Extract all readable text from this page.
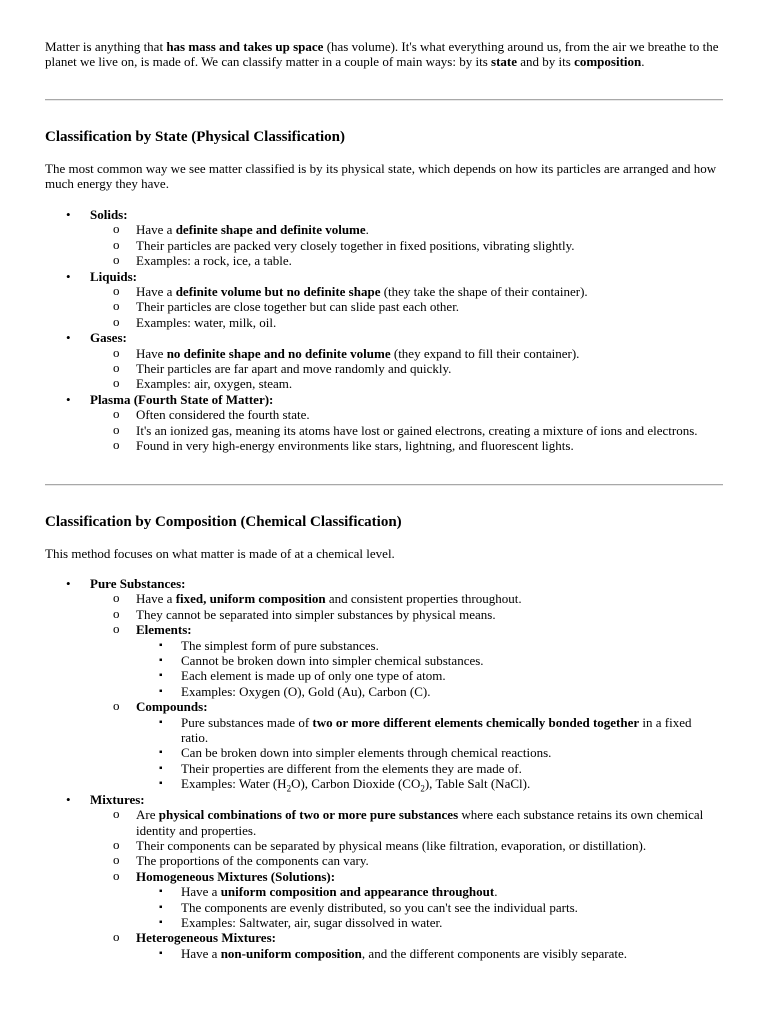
Matter is anything that has mass and takes up space (has volume). It's what everything around us, from the air we breathe to the planet we live on, is made of. We can classify matter in a couple of main ways: by its state and by its composition.

Classification by State (Physical Classification)

The most common way we see matter classified is by its physical state, which depends on how its particles are arranged and how much energy they have.

• Solids:
o Have a definite shape and definite volume.
o Their particles are packed very closely together in fixed positions, vibrating slightly.
o Examples: a rock, ice, a table.
• Liquids:
o Have a definite volume but no definite shape (they take the shape of their container).
o Their particles are close together but can slide past each other.
o Examples: water, milk, oil.
• Gases:
o Have no definite shape and no definite volume (they expand to fill their container).
o Their particles are far apart and move randomly and quickly.
o Examples: air, oxygen, steam.
• Plasma (Fourth State of Matter):
o Often considered the fourth state.
o It's an ionized gas, meaning its atoms have lost or gained electrons, creating a mixture of ions and electrons.
o Found in very high-energy environments like stars, lightning, and fluorescent lights.
Classification by Composition (Chemical Classification)

This method focuses on what matter is made of at a chemical level.

• Pure Substances:
o Have a fixed, uniform composition and consistent properties throughout.
o They cannot be separated into simpler substances by physical means.
o Elements:
▪ The simplest form of pure substances.
▪ Cannot be broken down into simpler chemical substances.
▪ Each element is made up of only one type of atom.
▪ Examples: Oxygen (O), Gold (Au), Carbon (C).
o Compounds:
▪ Pure substances made of two or more different elements chemically bonded together in a fixed ratio.
▪ Can be broken down into simpler elements through chemical reactions.
▪ Their properties are different from the elements they are made of.
▪ Examples: Water $(H_2O)$, Carbon Dioxide $(CO_2)$, Table Salt (NaCl).
• Mixtures:
o Are physical combinations of two or more pure substances where each substance retains its own chemical identity and properties.
o Their components can be separated by physical means (like filtration, evaporation, or distillation).
o The proportions of the components can vary.
o Homogeneous Mixtures (Solutions):
▪ Have a uniform composition and appearance throughout.
▪ The components are evenly distributed, so you can't see the individual parts.
▪ Examples: Saltwater, air, sugar dissolved in water.
o Heterogeneous Mixtures:
▪ Have a non-uniform composition, and the different components are visibly separate.
